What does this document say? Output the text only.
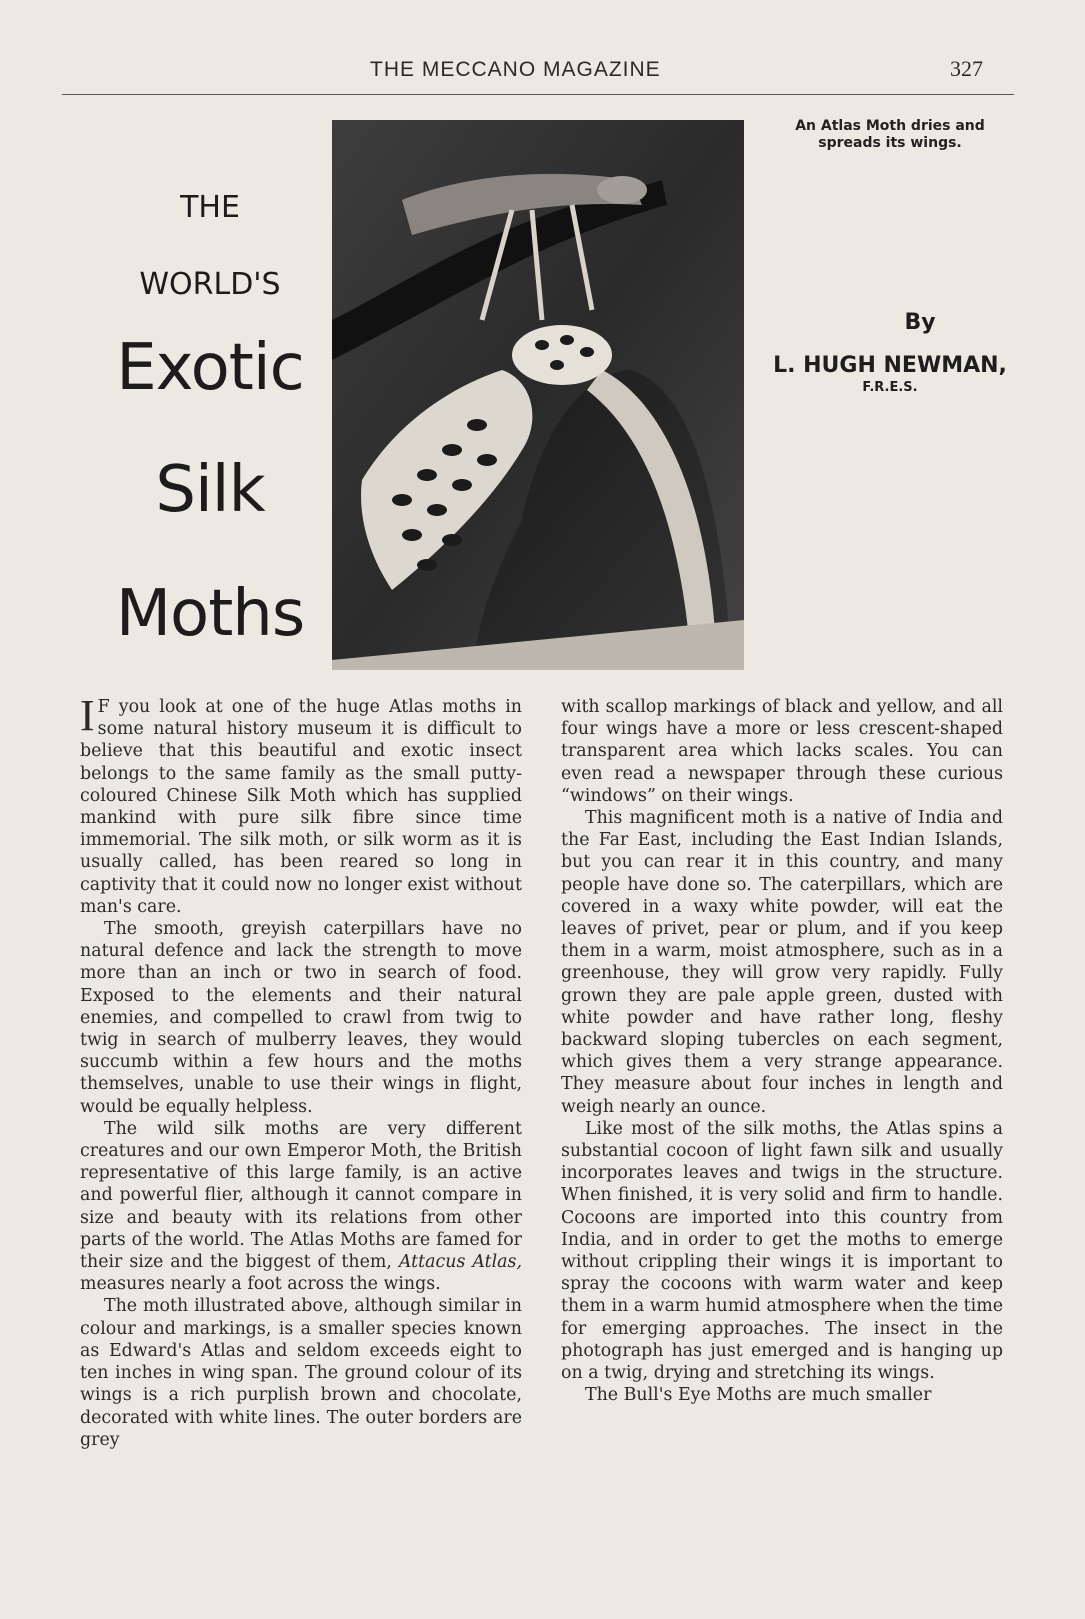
THE MECCANO MAGAZINE	327
THE
WORLD'S
Exotic
Silk
Moths
An Atlas Moth dries and spreads its wings.
By
L. HUGH NEWMAN,
F.R.E.S.

I F you look at one of the huge Atlas moths in some natural history museum it is difficult to believe that this beautiful and exotic insect belongs to the same family as the small putty-coloured Chinese Silk Moth which has supplied mankind with pure silk fibre since time immemorial. The silk moth, or silk worm as it is usually called, has been reared so long in captivity that it could now no longer exist without man's care.

The smooth, greyish caterpillars have no natural defence and lack the strength to move more than an inch or two in search of food. Exposed to the elements and their natural enemies, and compelled to crawl from twig to twig in search of mulberry leaves, they would succumb within a few hours and the moths themselves, unable to use their wings in flight, would be equally helpless.

The wild silk moths are very different creatures and our own Emperor Moth, the British representative of this large family, is an active and powerful flier, although it cannot compare in size and beauty with its relations from other parts of the world. The Atlas Moths are famed for their size and the biggest of them, Attacus Atlas, measures nearly a foot across the wings.

The moth illustrated above, although similar in colour and markings, is a smaller species known as Edward's Atlas and seldom exceeds eight to ten inches in wing span. The ground colour of its wings is a rich purplish brown and chocolate, decorated with white lines. The outer borders are grey

with scallop markings of black and yellow, and all four wings have a more or less crescent-shaped transparent area which lacks scales. You can even read a newspaper through these curious “windows” on their wings.

This magnificent moth is a native of India and the Far East, including the East Indian Islands, but you can rear it in this country, and many people have done so. The caterpillars, which are covered in a waxy white powder, will eat the leaves of privet, pear or plum, and if you keep them in a warm, moist atmosphere, such as in a greenhouse, they will grow very rapidly. Fully grown they are pale apple green, dusted with white powder and have rather long, fleshy backward sloping tubercles on each segment, which gives them a very strange appearance. They measure about four inches in length and weigh nearly an ounce.

Like most of the silk moths, the Atlas spins a substantial cocoon of light fawn silk and usually incorporates leaves and twigs in the structure. When finished, it is very solid and firm to handle. Cocoons are imported into this country from India, and in order to get the moths to emerge without crippling their wings it is important to spray the cocoons with warm water and keep them in a warm humid atmosphere when the time for emerging approaches. The insect in the photograph has just emerged and is hanging up on a twig, drying and stretching its wings.

The Bull's Eye Moths are much smaller
